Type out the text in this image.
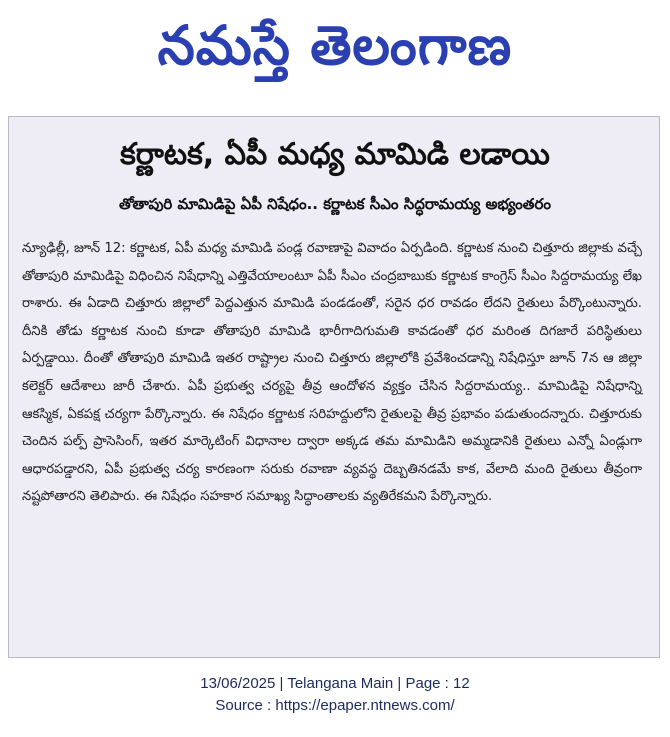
నమస్తే తెలంగాణ
కర్ణాటక, ఏపీ మధ్య మామిడి లడాయి
తోతాపురి మామిడిపై ఏపీ నిషేధం.. కర్ణాటక సీఎం సిద్ధరామయ్య అభ్యంతరం

న్యూఢిల్లీ, జూన్ 12: కర్ణాటక, ఏపీ మధ్య మామిడి పండ్ల రవాణాపై వివాదం ఏర్పడింది. కర్ణాటక నుంచి చిత్తూరు జిల్లాకు వచ్చే తోతాపురి మామిడిపై విధించిన నిషేధాన్ని ఎత్తివేయాలంటూ ఏపీ సీఎం చంద్రబాబుకు కర్ణాటక కాంగ్రెస్ సీఎం సిద్దరామయ్య లేఖ రాశారు. ఈ ఏడాది చిత్తూరు జిల్లాలో పెద్దఎత్తున మామిడి పండడంతో, సరైన ధర రావడం లేదని రైతులు పేర్కొంటున్నారు. దీనికి తోడు కర్ణాటక నుంచి కూడా తోతాపురి మామిడి భారీగాదిగుమతి కావడంతో ధర మరింత దిగజారే పరిస్థితులు ఏర్పడ్డాయి. దీంతో తోతాపురి మామిడి ఇతర రాష్ట్రాల నుంచి చిత్తూరు జిల్లాలోకి ప్రవేశించడాన్ని నిషేధిస్తూ జూన్ 7న ఆ జిల్లా కలెక్టర్ ఆదేశాలు జారీ చేశారు. ఏపీ ప్రభుత్వ చర్యపై తీవ్ర ఆందోళన వ్యక్తం చేసిన సిద్దరామయ్య.. మామిడిపై నిషేధాన్ని ఆకస్మిక, ఏకపక్ష చర్యగా పేర్కొన్నారు. ఈ నిషేధం కర్ణాటక సరిహద్దులోని రైతులపై తీవ్ర ప్రభావం పడుతుందన్నారు. చిత్తూరుకు చెందిన పల్ప్ ప్రాసెసింగ్, ఇతర మార్కెటింగ్ విధానాల ద్వారా అక్కడ తమ మామిడిని అమ్మడానికి రైతులు ఎన్నో ఏండ్లుగా ఆధారపడ్డారని, ఏపీ ప్రభుత్వ చర్య కారణంగా సరుకు రవాణా వ్యవస్థ దెబ్బతినడమే కాక, వేలాది మంది రైతులు తీవ్రంగా నష్టపోతారని తెలిపారు. ఈ నిషేధం సహకార సమాఖ్య సిద్ధాంతాలకు వ్యతిరేకమని పేర్కొన్నారు.

13/06/2025 | Telangana Main | Page : 12
Source : https://epaper.ntnews.com/
